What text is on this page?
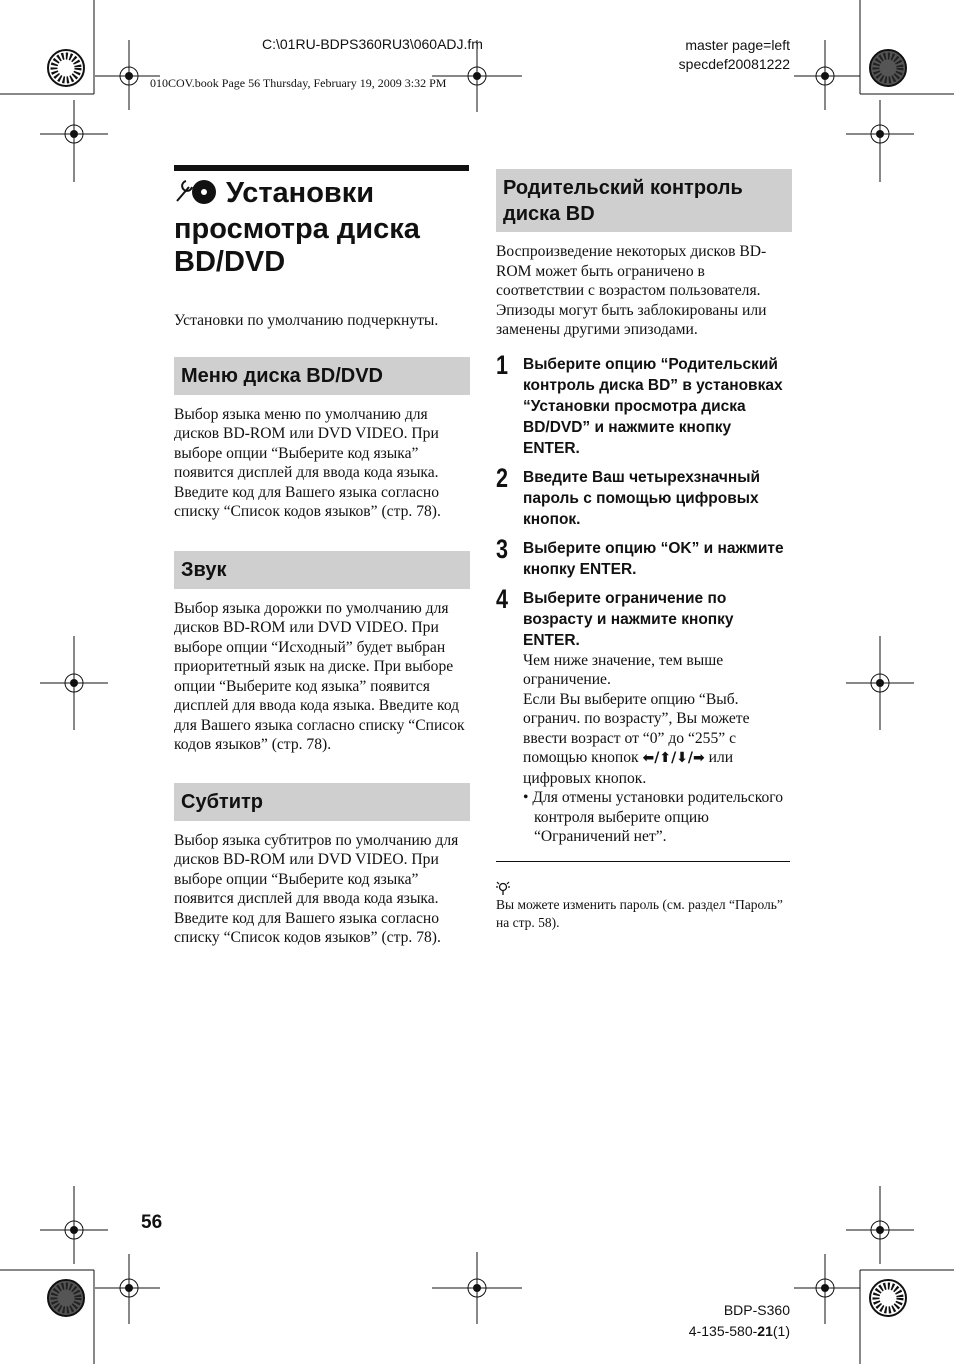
C:\01RU-BDPS360RU3\060ADJ.fm	master page=left
specdef20081222
010COV.book Page 56 Thursday, February 19, 2009 3:32 PM
Установки просмотра диска BD/DVD
Установки по умолчанию подчеркнуты.
Меню диска BD/DVD
Выбор языка меню по умолчанию для дисков BD-ROM или DVD VIDEO. При выборе опции “Выберите код языка” появится дисплей для ввода кода языка. Введите код для Вашего языка согласно списку “Список кодов языков” (стр. 78).
Звук
Выбор языка дорожки по умолчанию для дисков BD-ROM или DVD VIDEO. При выборе опции “Исходный” будет выбран приоритетный язык на диске. При выборе опции “Выберите код языка” появится дисплей для ввода кода языка. Введите код для Вашего языка согласно списку “Список кодов языков” (стр. 78).
Субтитр
Выбор языка субтитров по умолчанию для дисков BD-ROM или DVD VIDEO. При выборе опции “Выберите код языка” появится дисплей для ввода кода языка. Введите код для Вашего языка согласно списку “Список кодов языков” (стр. 78).
Родительский контроль диска BD
Воспроизведение некоторых дисков BD-ROM может быть ограничено в соответствии с возрастом пользователя. Эпизоды могут быть заблокированы или заменены другими эпизодами.
1 Выберите опцию “Родительский контроль диска BD” в установках “Установки просмотра диска BD/DVD” и нажмите кнопку ENTER.
2 Введите Ваш четырехзначный пароль с помощью цифровых кнопок.
3 Выберите опцию “OK” и нажмите кнопку ENTER.
4 Выберите ограничение по возрасту и нажмите кнопку ENTER.
Чем ниже значение, тем выше ограничение.
Если Вы выберите опцию “Выб. огранич. по возрасту”, Вы можете ввести возраст от “0” до “255” с помощью кнопок ⬅/⬆/⬇/➡ или цифровых кнопок.
• Для отмены установки родительского контроля выберите опцию “Ограничений нет”.
Вы можете изменить пароль (см. раздел “Пароль” на стр. 58).
56
BDP-S360
4-135-580-21(1)
